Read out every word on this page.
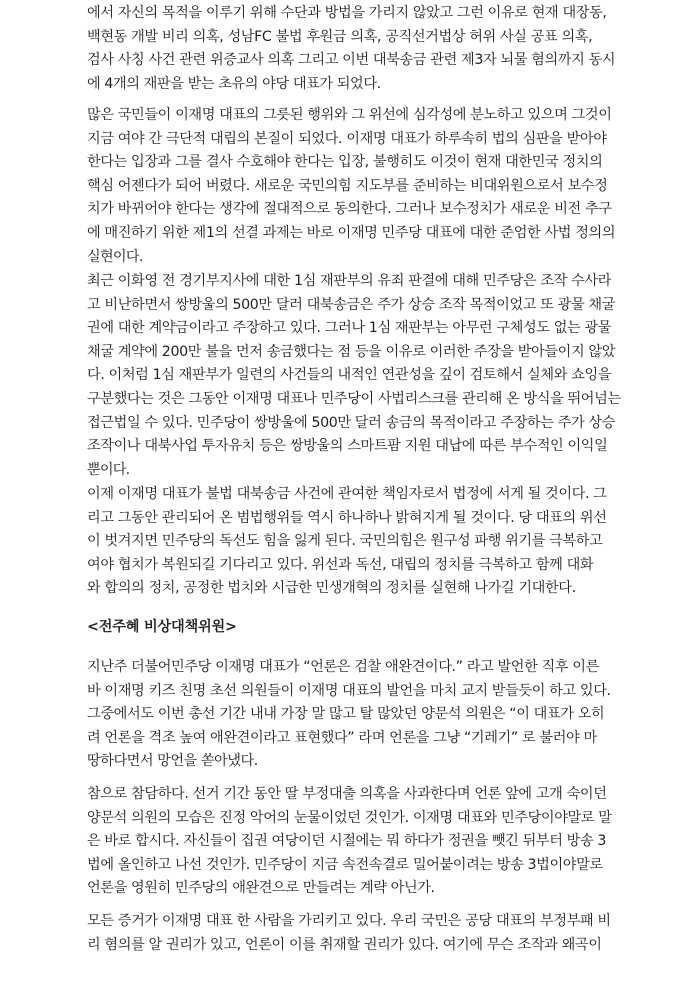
에서 자신의 목적을 이루기 위해 수단과 방법을 가리지 않았고 그런 이유로 현재 대장동,
백현동 개발 비리 의혹, 성남FC 불법 후원금 의혹, 공직선거법상 허위 사실 공표 의혹,
검사 사칭 사건 관련 위증교사 의혹 그리고 이번 대북송금 관련 제3자 뇌물 혐의까지 동시
에 4개의 재판을 받는 초유의 야당 대표가 되었다.
많은 국민들이 이재명 대표의 그릇된 행위와 그 위선에 심각성에 분노하고 있으며 그것이
지금 여야 간 극단적 대립의 본질이 되었다. 이재명 대표가 하루속히 법의 심판을 받아야
한다는 입장과 그를 결사 수호해야 한다는 입장, 불행히도 이것이 현재 대한민국 정치의
핵심 어젠다가 되어 버렸다. 새로운 국민의힘 지도부를 준비하는 비대위원으로서 보수정
치가 바뀌어야 한다는 생각에 절대적으로 동의한다. 그러나 보수정치가 새로운 비전 추구
에 매진하기 위한 제1의 선결 과제는 바로 이재명 민주당 대표에 대한 준엄한 사법 정의의
실현이다.
최근 이화영 전 경기부지사에 대한 1심 재판부의 유죄 판결에 대해 민주당은 조작 수사라
고 비난하면서 쌍방울의 500만 달러 대북송금은 주가 상승 조작 목적이었고 또 광물 채굴
권에 대한 계약금이라고 주장하고 있다. 그러나 1심 재판부는 아무런 구체성도 없는 광물
채굴 계약에 200만 불을 먼저 송금했다는 점 등을 이유로 이러한 주장을 받아들이지 않았
다. 이처럼 1심 재판부가 일련의 사건들의 내적인 연관성을 깊이 검토해서 실체와 쇼잉을
구분했다는 것은 그동안 이재명 대표나 민주당이 사법리스크를 관리해 온 방식을 뛰어넘는
접근법일 수 있다. 민주당이 쌍방울에 500만 달러 송금의 목적이라고 주장하는 주가 상승
조작이나 대북사업 투자유치 등은 쌍방울의 스마트팜 지원 대납에 따른 부수적인 이익일
뿐이다.
이제 이재명 대표가 불법 대북송금 사건에 관여한 책임자로서 법정에 서게 될 것이다. 그
리고 그동안 관리되어 온 범법행위들 역시 하나하나 밝혀지게 될 것이다. 당 대표의 위선
이 벗겨지면 민주당의 독선도 힘을 잃게 된다. 국민의힘은 원구성 파행 위기를 극복하고
여야 협치가 복원되길 기다리고 있다. 위선과 독선, 대립의 정치를 극복하고 함께 대화
와 합의의 정치, 공정한 법치와 시급한 민생개혁의 정치를 실현해 나가길 기대한다.
<전주혜 비상대책위원>
지난주 더불어민주당 이재명 대표가 “언론은 검찰 애완견이다.” 라고 발언한 직후 이른
바 이재명 키즈 친명 초선 의원들이 이재명 대표의 발언을 마치 교지 받들듯이 하고 있다.
그중에서도 이번 총선 기간 내내 가장 말 많고 탈 많았던 양문석 의원은 “이 대표가 오히
려 언론을 격조 높여 애완견이라고 표현했다” 라며 언론을 그냥 “기레기” 로 불러야 마
땅하다면서 망언을 쏟아냈다.
참으로 참담하다. 선거 기간 동안 딸 부정대출 의혹을 사과한다며 언론 앞에 고개 숙이던
양문석 의원의 모습은 진정 악어의 눈물이었던 것인가. 이재명 대표와 민주당이야말로 말
은 바로 합시다. 자신들이 집권 여당이던 시절에는 뭐 하다가 정권을 뺏긴 뒤부터 방송 3
법에 올인하고 나선 것인가. 민주당이 지금 속전속결로 밀어붙이려는 방송 3법이야말로
언론을 영원히 민주당의 애완견으로 만들려는 계략 아닌가.
모든 증거가 이재명 대표 한 사람을 가리키고 있다. 우리 국민은 공당 대표의 부정부패 비
리 혐의를 알 권리가 있고, 언론이 이를 취재할 권리가 있다. 여기에 무슨 조작과 왜곡이
